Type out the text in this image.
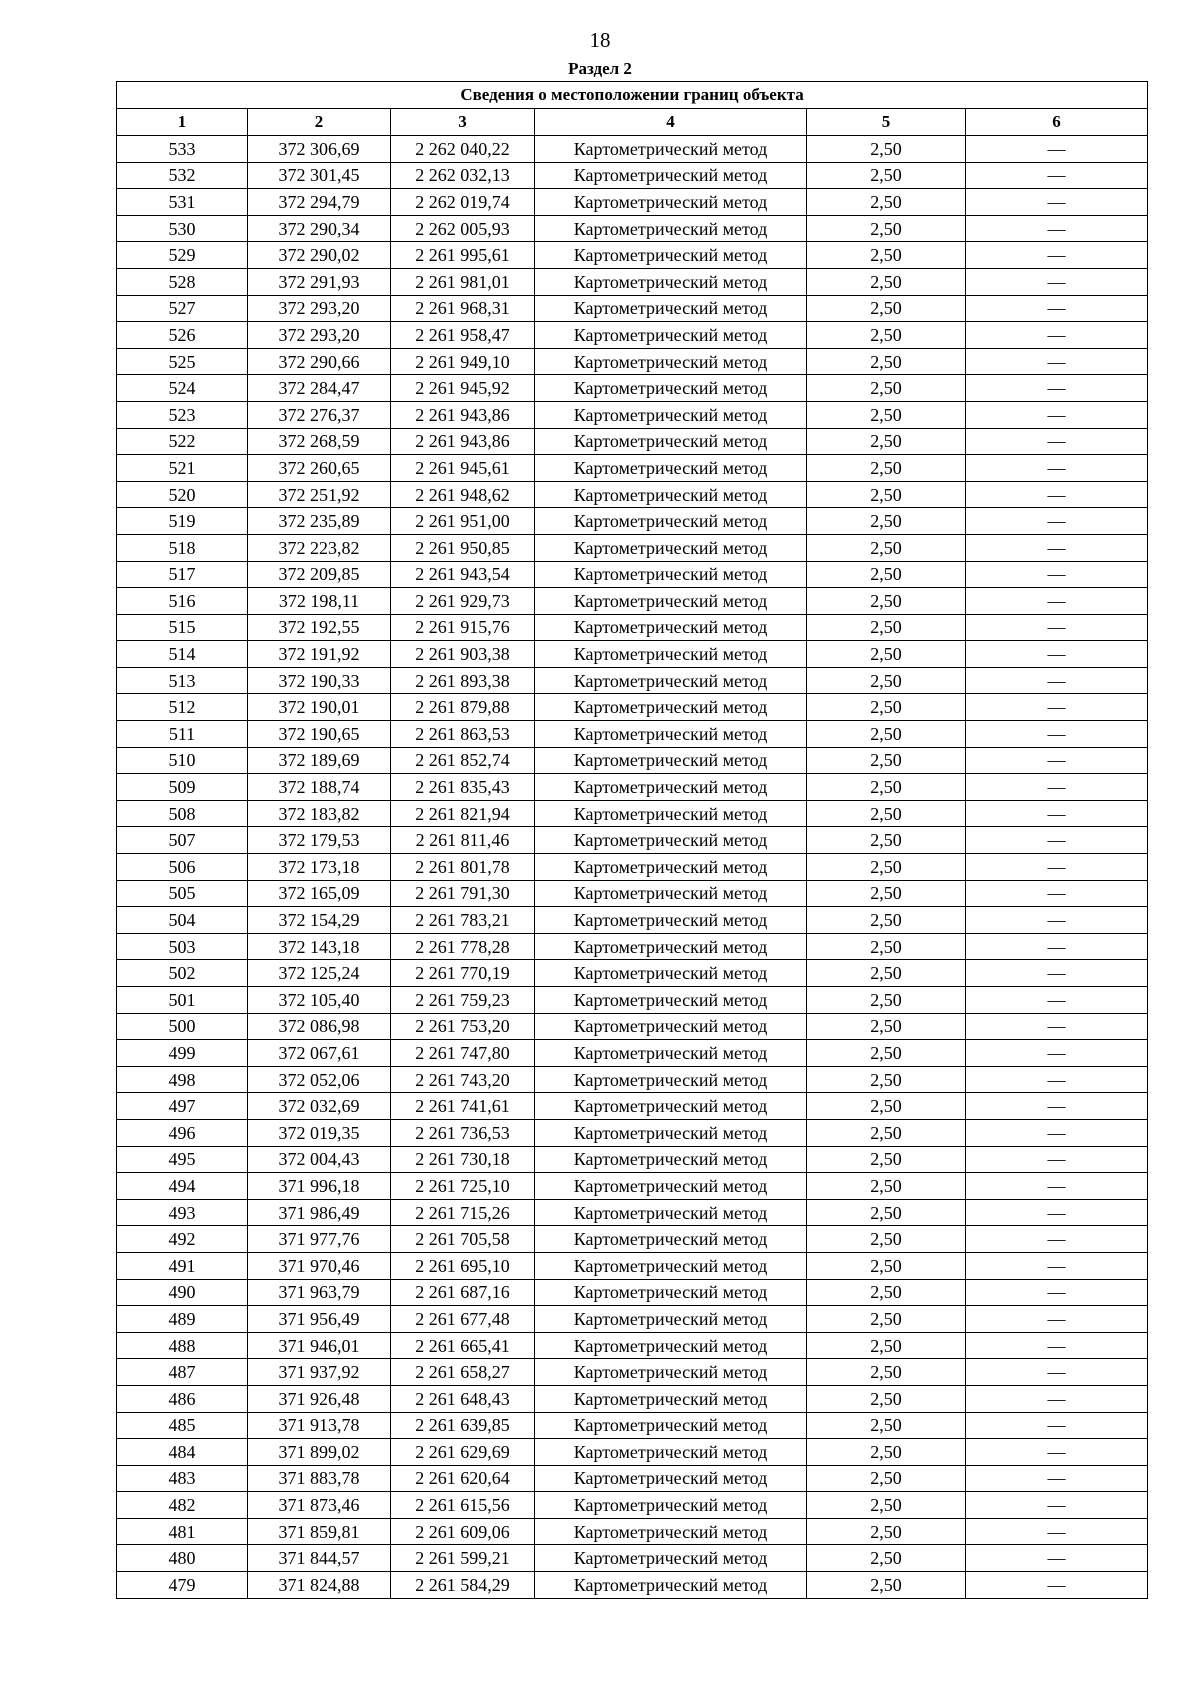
18
Раздел 2
Сведения о местоположении границ объекта					
1	2	3	4	5	6
533	372 306,69	2 262 040,22	Картометрический метод	2,50	—
532	372 301,45	2 262 032,13	Картометрический метод	2,50	—
531	372 294,79	2 262 019,74	Картометрический метод	2,50	—
530	372 290,34	2 262 005,93	Картометрический метод	2,50	—
529	372 290,02	2 261 995,61	Картометрический метод	2,50	—
528	372 291,93	2 261 981,01	Картометрический метод	2,50	—
527	372 293,20	2 261 968,31	Картометрический метод	2,50	—
526	372 293,20	2 261 958,47	Картометрический метод	2,50	—
525	372 290,66	2 261 949,10	Картометрический метод	2,50	—
524	372 284,47	2 261 945,92	Картометрический метод	2,50	—
523	372 276,37	2 261 943,86	Картометрический метод	2,50	—
522	372 268,59	2 261 943,86	Картометрический метод	2,50	—
521	372 260,65	2 261 945,61	Картометрический метод	2,50	—
520	372 251,92	2 261 948,62	Картометрический метод	2,50	—
519	372 235,89	2 261 951,00	Картометрический метод	2,50	—
518	372 223,82	2 261 950,85	Картометрический метод	2,50	—
517	372 209,85	2 261 943,54	Картометрический метод	2,50	—
516	372 198,11	2 261 929,73	Картометрический метод	2,50	—
515	372 192,55	2 261 915,76	Картометрический метод	2,50	—
514	372 191,92	2 261 903,38	Картометрический метод	2,50	—
513	372 190,33	2 261 893,38	Картометрический метод	2,50	—
512	372 190,01	2 261 879,88	Картометрический метод	2,50	—
511	372 190,65	2 261 863,53	Картометрический метод	2,50	—
510	372 189,69	2 261 852,74	Картометрический метод	2,50	—
509	372 188,74	2 261 835,43	Картометрический метод	2,50	—
508	372 183,82	2 261 821,94	Картометрический метод	2,50	—
507	372 179,53	2 261 811,46	Картометрический метод	2,50	—
506	372 173,18	2 261 801,78	Картометрический метод	2,50	—
505	372 165,09	2 261 791,30	Картометрический метод	2,50	—
504	372 154,29	2 261 783,21	Картометрический метод	2,50	—
503	372 143,18	2 261 778,28	Картометрический метод	2,50	—
502	372 125,24	2 261 770,19	Картометрический метод	2,50	—
501	372 105,40	2 261 759,23	Картометрический метод	2,50	—
500	372 086,98	2 261 753,20	Картометрический метод	2,50	—
499	372 067,61	2 261 747,80	Картометрический метод	2,50	—
498	372 052,06	2 261 743,20	Картометрический метод	2,50	—
497	372 032,69	2 261 741,61	Картометрический метод	2,50	—
496	372 019,35	2 261 736,53	Картометрический метод	2,50	—
495	372 004,43	2 261 730,18	Картометрический метод	2,50	—
494	371 996,18	2 261 725,10	Картометрический метод	2,50	—
493	371 986,49	2 261 715,26	Картометрический метод	2,50	—
492	371 977,76	2 261 705,58	Картометрический метод	2,50	—
491	371 970,46	2 261 695,10	Картометрический метод	2,50	—
490	371 963,79	2 261 687,16	Картометрический метод	2,50	—
489	371 956,49	2 261 677,48	Картометрический метод	2,50	—
488	371 946,01	2 261 665,41	Картометрический метод	2,50	—
487	371 937,92	2 261 658,27	Картометрический метод	2,50	—
486	371 926,48	2 261 648,43	Картометрический метод	2,50	—
485	371 913,78	2 261 639,85	Картометрический метод	2,50	—
484	371 899,02	2 261 629,69	Картометрический метод	2,50	—
483	371 883,78	2 261 620,64	Картометрический метод	2,50	—
482	371 873,46	2 261 615,56	Картометрический метод	2,50	—
481	371 859,81	2 261 609,06	Картометрический метод	2,50	—
480	371 844,57	2 261 599,21	Картометрический метод	2,50	—
479	371 824,88	2 261 584,29	Картометрический метод	2,50	—
